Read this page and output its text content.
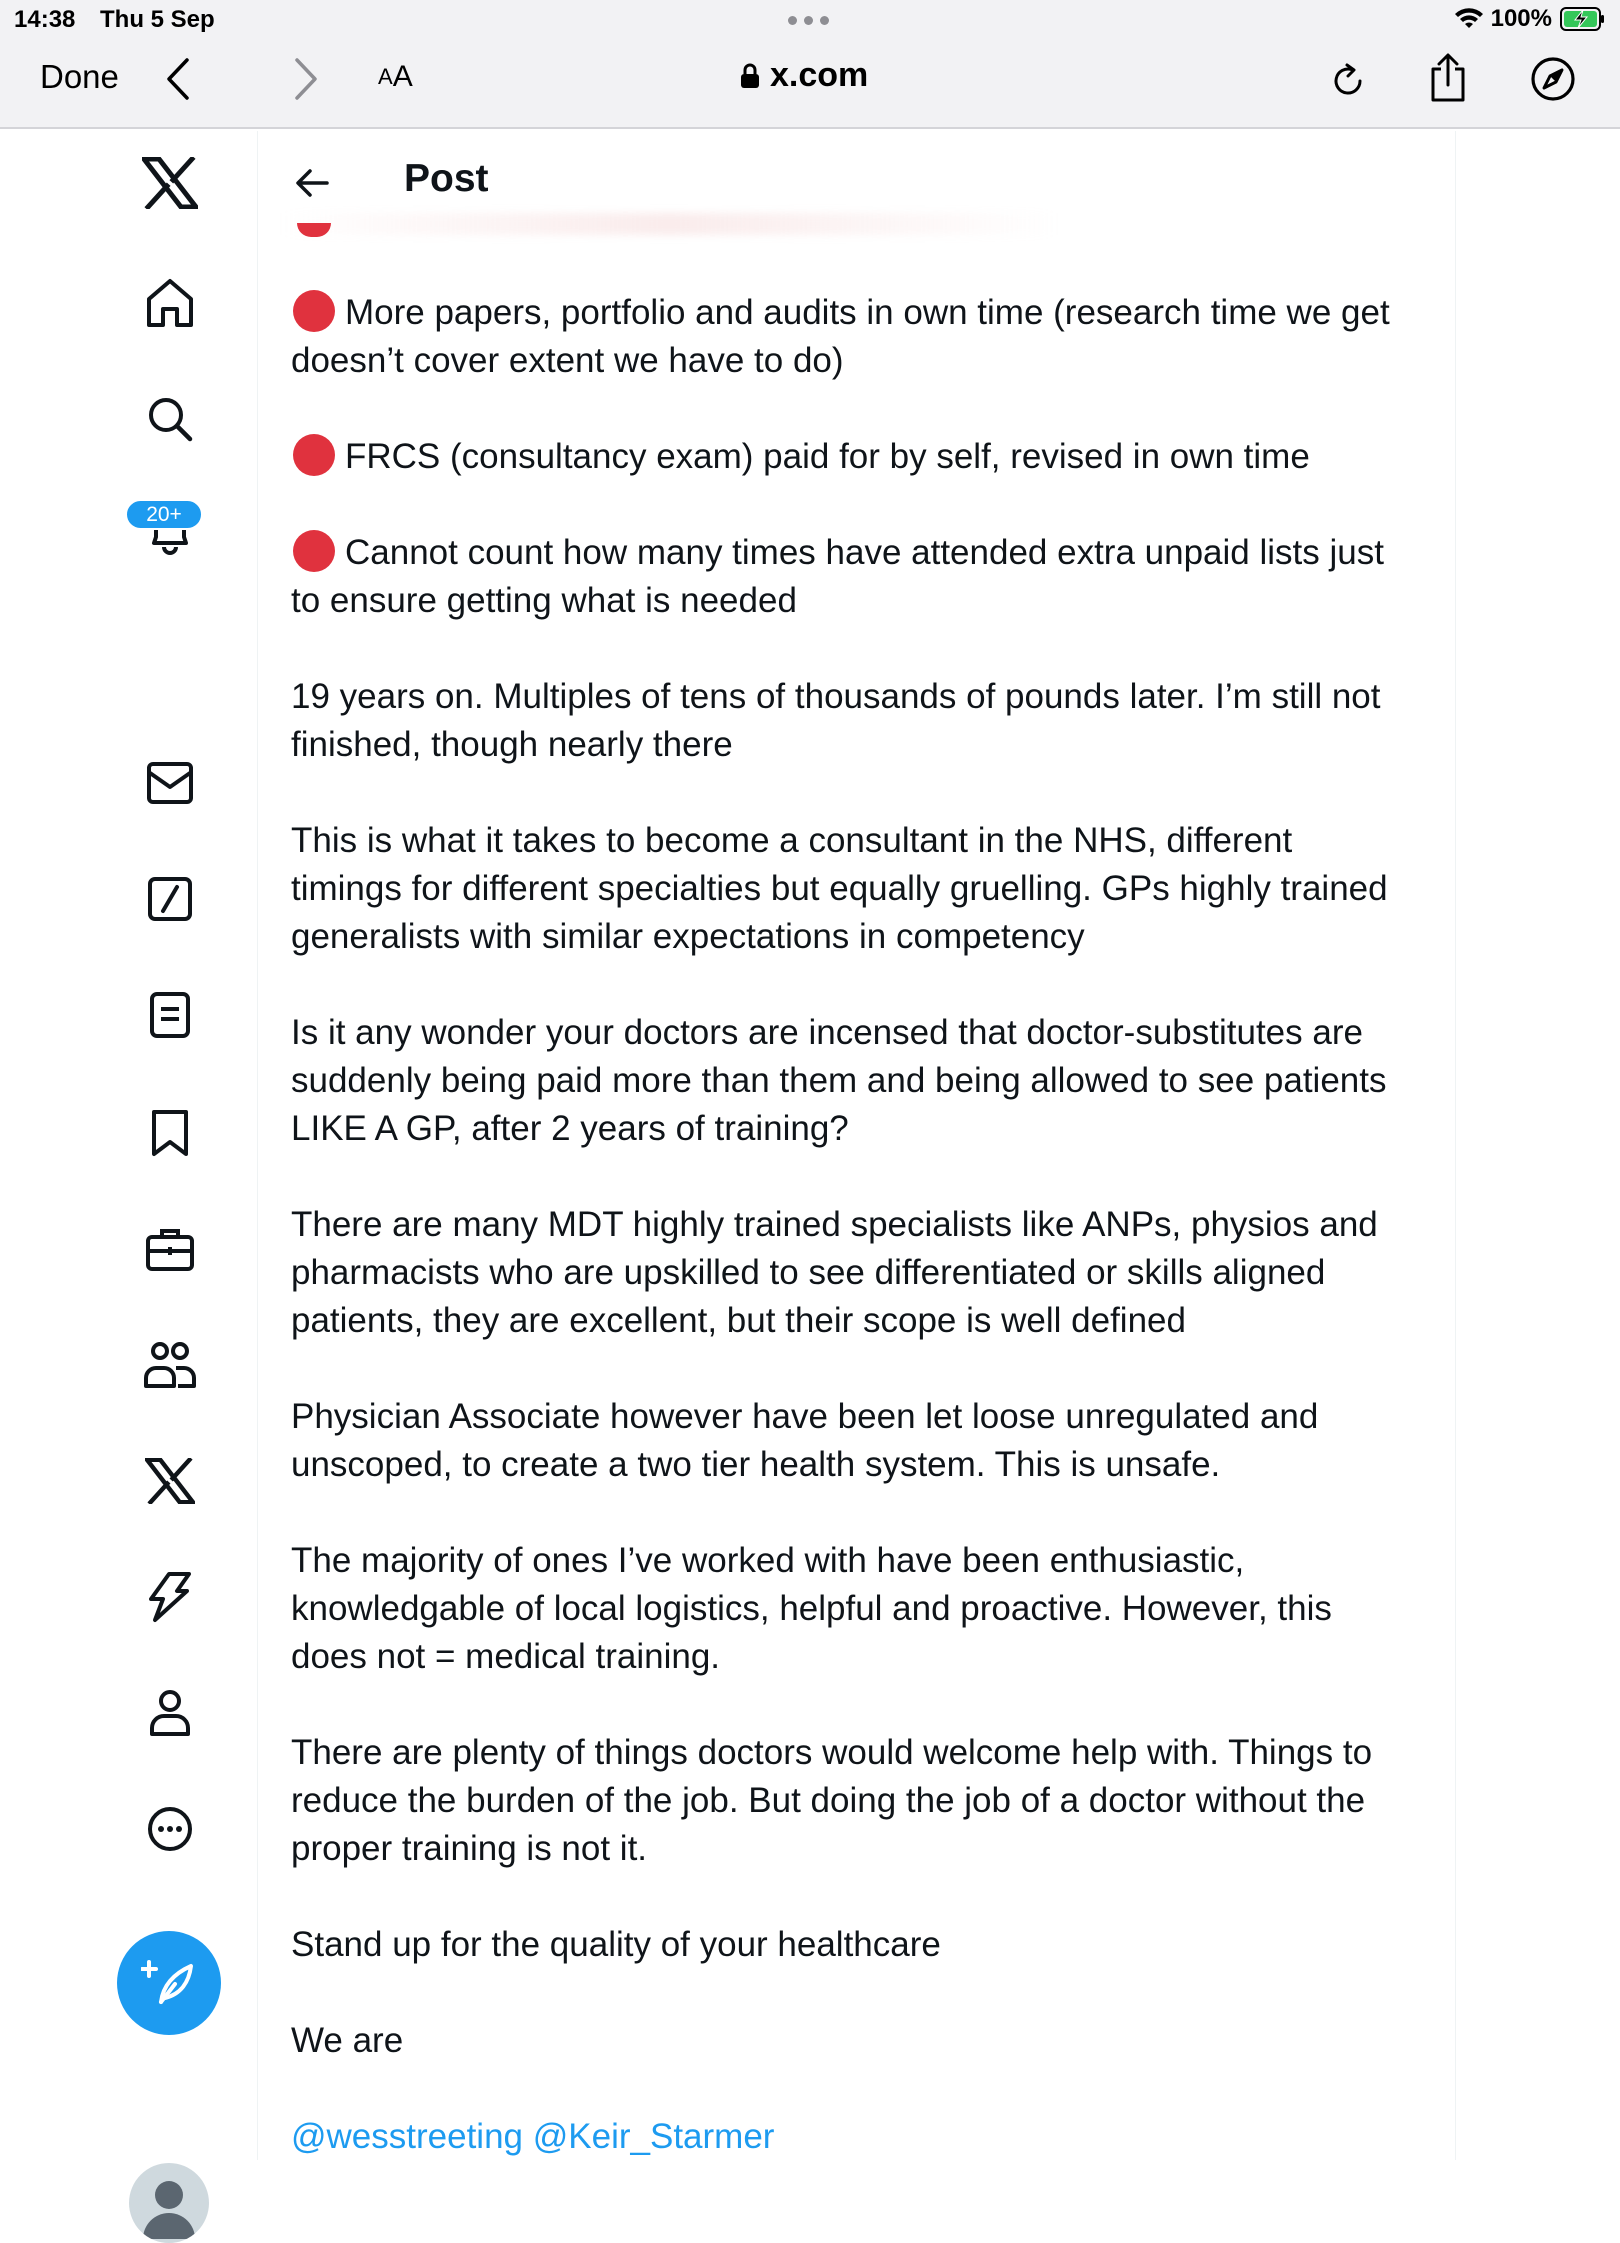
14:38 Thu 5 Sep	100%
Done	A A	x.com
20+
Post

More papers, portfolio and audits in own time (research time we get doesn’t cover extent we have to do)

FRCS (consultancy exam) paid for by self, revised in own time

Cannot count how many times have attended extra unpaid lists just to ensure getting what is needed

19 years on. Multiples of tens of thousands of pounds later. I’m still not finished, though nearly there

This is what it takes to become a consultant in the NHS, different timings for different specialties but equally gruelling. GPs highly trained generalists with similar expectations in competency

Is it any wonder your doctors are incensed that doctor-substitutes are suddenly being paid more than them and being allowed to see patients LIKE A GP, after 2 years of training?

There are many MDT highly trained specialists like ANPs, physios and pharmacists who are upskilled to see differentiated or skills aligned patients, they are excellent, but their scope is well defined

Physician Associate however have been let loose unregulated and unscoped, to create a two tier health system. This is unsafe.

The majority of ones I’ve worked with have been enthusiastic, knowledgable of local logistics, helpful and proactive. However, this does not = medical training.

There are plenty of things doctors would welcome help with. Things to reduce the burden of the job. But doing the job of a doctor without the proper training is not it.

Stand up for the quality of your healthcare

We are

@wesstreeting @Keir_Starmer
